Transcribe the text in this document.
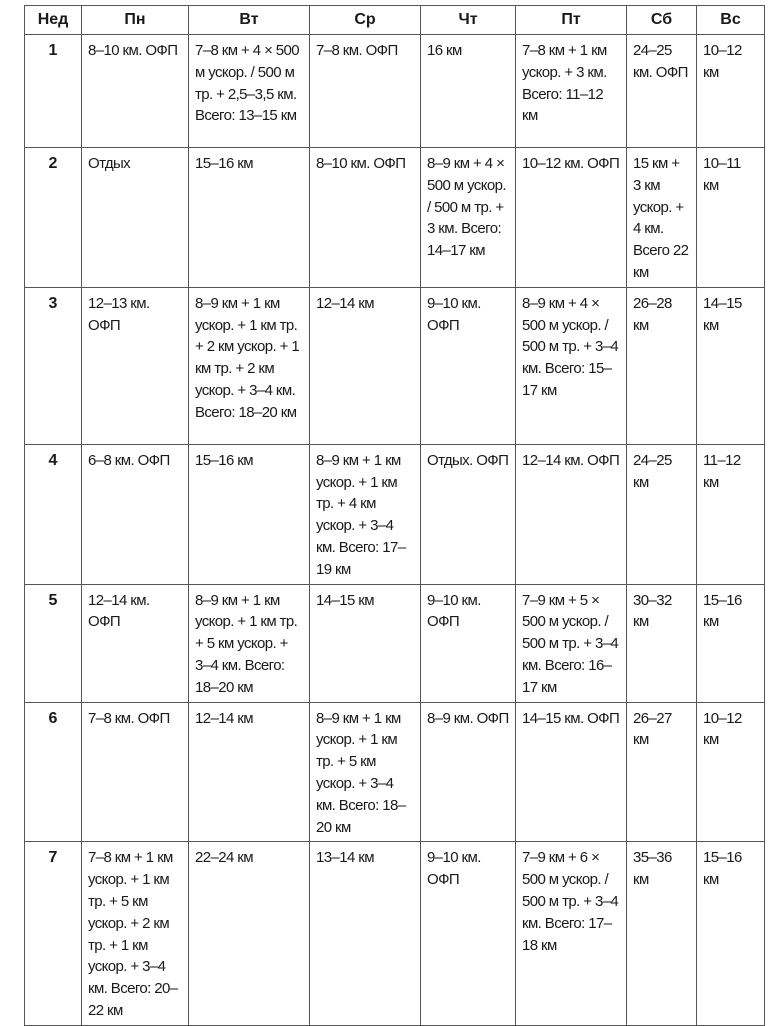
Нед	Пн	Вт	Ср	Чт	Пт	Сб	Вс
1	8–10 км. ОФП	7–8 км + 4 × 500 м ускор. / 500 м тр. + 2,5–3,5 км. Всего: 13–15 км	7–8 км. ОФП	16 км	7–8 км + 1 км ускор. + 3 км. Всего: 11–12 км	24–25 км. ОФП	10–12 км
2	Отдых	15–16 км	8–10 км. ОФП	8–9 км + 4 × 500 м ускор. / 500 м тр. + 3 км. Всего: 14–17 км	10–12 км. ОФП	15 км + 3 км ускор. + 4 км. Всего 22 км	10–11 км
3	12–13 км. ОФП	8–9 км + 1 км ускор. + 1 км тр. + 2 км ускор. + 1 км тр. + 2 км ускор. + 3–4 км. Всего: 18–20 км	12–14 км	9–10 км. ОФП	8–9 км + 4 × 500 м ускор. / 500 м тр. + 3–4 км. Всего: 15–17 км	26–28 км	14–15 км
4	6–8 км. ОФП	15–16 км	8–9 км + 1 км ускор. + 1 км тр. + 4 км ускор. + 3–4 км. Всего: 17–19 км	Отдых. ОФП	12–14 км. ОФП	24–25 км	11–12 км
5	12–14 км. ОФП	8–9 км + 1 км ускор. + 1 км тр. + 5 км ускор. + 3–4 км. Всего: 18–20 км	14–15 км	9–10 км. ОФП	7–9 км + 5 × 500 м ускор. / 500 м тр. + 3–4 км. Всего: 16–17 км	30–32 км	15–16 км
6	7–8 км. ОФП	12–14 км	8–9 км + 1 км ускор. + 1 км тр. + 5 км ускор. + 3–4 км. Всего: 18–20 км	8–9 км. ОФП	14–15 км. ОФП	26–27 км	10–12 км
7	7–8 км + 1 км ускор. + 1 км тр. + 5 км ускор. + 2 км тр. + 1 км ускор. + 3–4 км. Всего: 20–22 км	22–24 км	13–14 км	9–10 км. ОФП	7–9 км + 6 × 500 м ускор. / 500 м тр. + 3–4 км. Всего: 17–18 км	35–36 км	15–16 км
